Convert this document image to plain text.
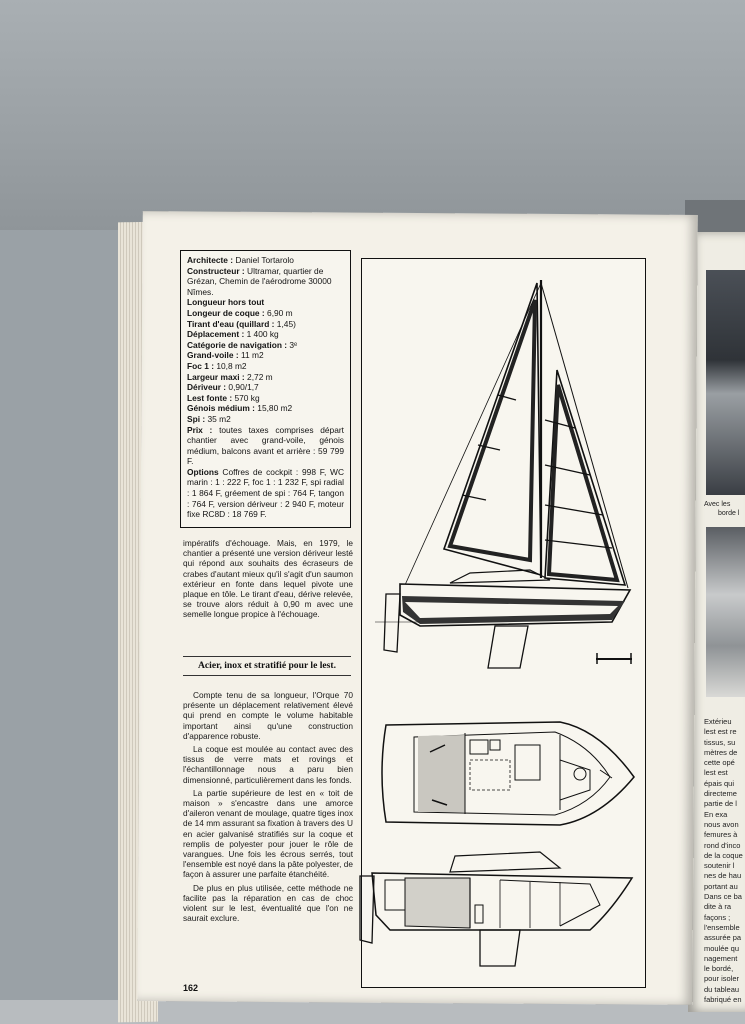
Avec les
borde l
Extérieu
lest est re
tissus, su
mètres de
cette opé
lest est
épais qui
directeme
partie de l
En exa
nous avon
femures à
rond d'inco
de la coque
soutenir l
nes de hau
portant au
Dans ce ba
dite à ra
façons ;
l'ensemble
assurée pa
moulée qu
nagement
le bordé,
pour isoler
du tableau
fabriqué en
Architecte : Daniel Tortarolo
Constructeur : Ultramar, quartier de Grézan, Chemin de l'aérodrome 30000 Nîmes.
Longueur hors tout
Longeur de coque : 6,90 m
Tirant d'eau (quillard : 1,45)
Déplacement : 1 400 kg
Catégorie de navigation : 3ᵉ
Grand-voile : 11 m2
Foc 1 : 10,8 m2
Largeur maxi : 2,72 m
Dériveur : 0,90/1,7
Lest fonte : 570 kg
Génois médium : 15,80 m2
Spi : 35 m2
Prix : toutes taxes comprises départ chantier avec grand-voile, génois médium, balcons avant et arrière : 59 799 F.
Options Coffres de cockpit : 998 F, WC marin : 1 : 222 F, foc 1 : 1 232 F, spi radial : 1 864 F, gréement de spi : 764 F, tangon : 764 F, version dériveur : 2 940 F, moteur fixe RC8D : 18 769 F.

impératifs d'échouage. Mais, en 1979, le chantier a présenté une version dériveur lesté qui répond aux souhaits des écraseurs de crabes d'autant mieux qu'il s'agit d'un saumon extérieur en fonte dans lequel pivote une plaque en tôle. Le tirant d'eau, dérive relevée, se trouve alors réduit à 0,90 m avec une semelle longue propice à l'échouage.

Acier, inox et stratifié pour le lest.

Compte tenu de sa longueur, l'Orque 70 présente un déplacement relativement élevé qui prend en compte le volume habitable important ainsi qu'une construction d'apparence robuste.

La coque est moulée au contact avec des tissus de verre mats et rovings et l'échantillonnage nous a paru bien dimensionné, particulièrement dans les fonds.

La partie supérieure de lest en « toit de maison » s'encastre dans une amorce d'aileron venant de moulage, quatre tiges inox de 14 mm assurant sa fixation à travers des U en acier galvanisé stratifiés sur la coque et remplis de polyester pour jouer le rôle de varangues. Une fois les écrous serrés, tout l'ensemble est noyé dans la pâte polyester, de façon à assurer une parfaite étanchéité.

De plus en plus utilisée, cette méthode ne facilite pas la réparation en cas de choc violent sur le lest, éventualité que l'on ne saurait exclure.

162
